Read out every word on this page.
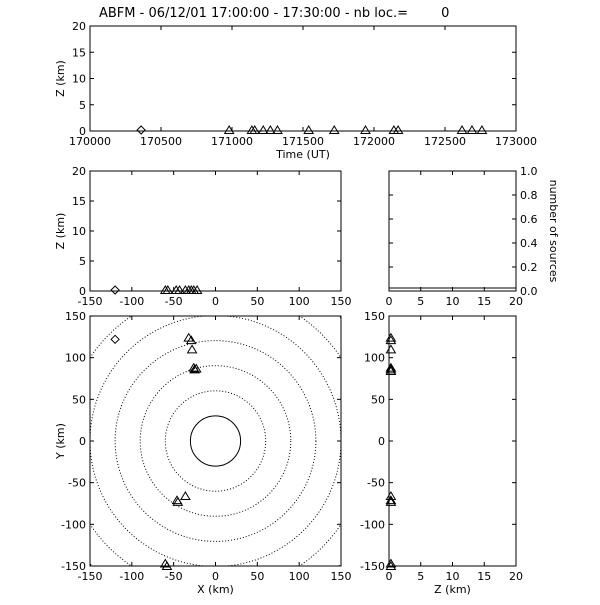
ABFM - 06/12/01 17:00:00 - 17:30:00 - nb loc.=        0
170000	170500	171000	171500	172000	172500	173000
0
5
10
15
20
Time (UT)
Z (km)
-150 -100 -50	0	50 100 150
0
5
10
15
20
Z (km)
0 5 10 15 20
0.0
0.2
0.4
0.6
0.8
1.0
number of sources
-150 -100 -50	0	50 100 150
-150
-100
-50
0
50
100
150
X (km)
Y (km)
0 5 10 15 20
-150
-100
-50
0
50
100
150
Z (km)
